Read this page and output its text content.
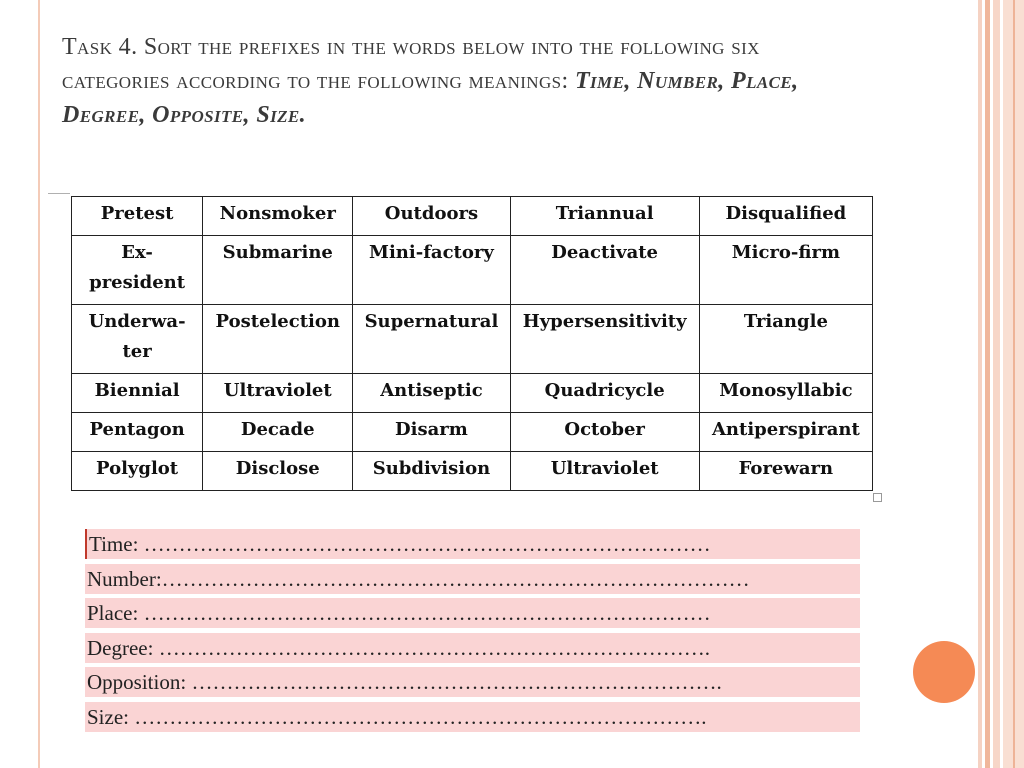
Task 4. Sort the prefixes in the words below into the following six categories according to the following meanings: Time, Number, Place, Degree, Opposite, Size.
Pretest	Nonsmoker	Outdoors	Triannual	Disqualified
Ex-president	Submarine	Mini-factory	Deactivate	Micro-firm
Underwa-ter	Postelection	Supernatural	Hypersensitivity	Triangle
Biennial	Ultraviolet	Antiseptic	Quadricycle	Monosyllabic
Pentagon	Decade	Disarm	October	Antiperspirant
Polyglot	Disclose	Subdivision	Ultraviolet	Forewarn
Time: ………………………………………………………………………
Number:…………………………………………………………………………
Place: ………………………………………………………………………
Degree: …………………………………………………………………….
Opposition: ………………………………………………………………….
Size: ……………………………………………………………………….
